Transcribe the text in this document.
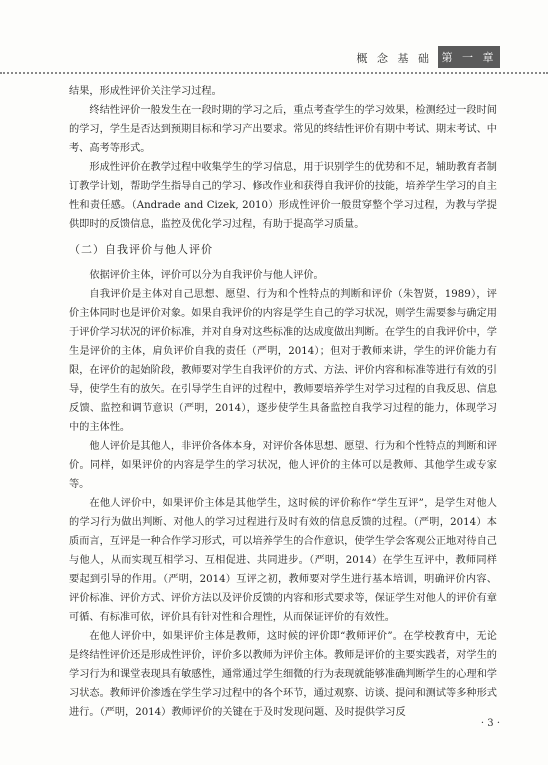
概 念 基 础 第 一 章

结果，形成性评价关注学习过程。

终结性评价一般发生在一段时期的学习之后，重点考查学生的学习效果，检测经过一段时间的学习，学生是否达到预期目标和学习产出要求。常见的终结性评价有期中考试、期末考试、中考、高考等形式。

形成性评价在教学过程中收集学生的学习信息，用于识别学生的优势和不足，辅助教育者制订教学计划，帮助学生指导自己的学习、修改作业和获得自我评价的技能，培养学生学习的自主性和责任感。（Andrade and Cizek, 2010）形成性评价一般贯穿整个学习过程，为教与学提供即时的反馈信息，监控及优化学习过程，有助于提高学习质量。

（二）自我评价与他人评价

依据评价主体，评价可以分为自我评价与他人评价。

自我评价是主体对自己思想、愿望、行为和个性特点的判断和评价（朱智贤，1989），评价主体同时也是评价对象。如果自我评价的内容是学生自己的学习状况，则学生需要参与确定用于评价学习状况的评价标准，并对自身对这些标准的达成度做出判断。在学生的自我评价中，学生是评价的主体，肩负评价自我的责任（严明，2014）；但对于教师来讲，学生的评价能力有限，在评价的起始阶段，教师要对学生自我评价的方式、方法、评价内容和标准等进行有效的引导，使学生有的放矢。在引导学生自评的过程中，教师要培养学生对学习过程的自我反思、信息反馈、监控和调节意识（严明，2014），逐步使学生具备监控自我学习过程的能力，体现学习中的主体性。

他人评价是其他人，非评价各体本身，对评价各体思想、愿望、行为和个性特点的判断和评价。同样，如果评价的内容是学生的学习状况，他人评价的主体可以是教师、其他学生或专家等。

在他人评价中，如果评价主体是其他学生，这时候的评价称作“学生互评”，是学生对他人的学习行为做出判断、对他人的学习过程进行及时有效的信息反馈的过程。（严明，2014）本质而言，互评是一种合作学习形式，可以培养学生的合作意识，使学生学会客观公正地对待自己与他人，从而实现互相学习、互相促进、共同进步。（严明，2014）在学生互评中，教师同样要起到引导的作用。（严明，2014）互评之初，教师要对学生进行基本培训，明确评价内容、评价标准、评价方式、评价方法以及评价反馈的内容和形式要求等，保证学生对他人的评价有章可循、有标准可依，评价具有针对性和合理性，从而保证评价的有效性。

在他人评价中，如果评价主体是教师，这时候的评价即“教师评价”。在学校教育中，无论是终结性评价还是形成性评价，评价多以教师为评价主体。教师是评价的主要实践者，对学生的学习行为和课堂表现具有敏感性，通常通过学生细微的行为表现就能够准确判断学生的心理和学习状态。教师评价渗透在学生学习过程中的各个环节，通过观察、访谈、提问和测试等多种形式进行。（严明，2014）教师评价的关键在于及时发现问题、及时提供学习反

· 3 ·
